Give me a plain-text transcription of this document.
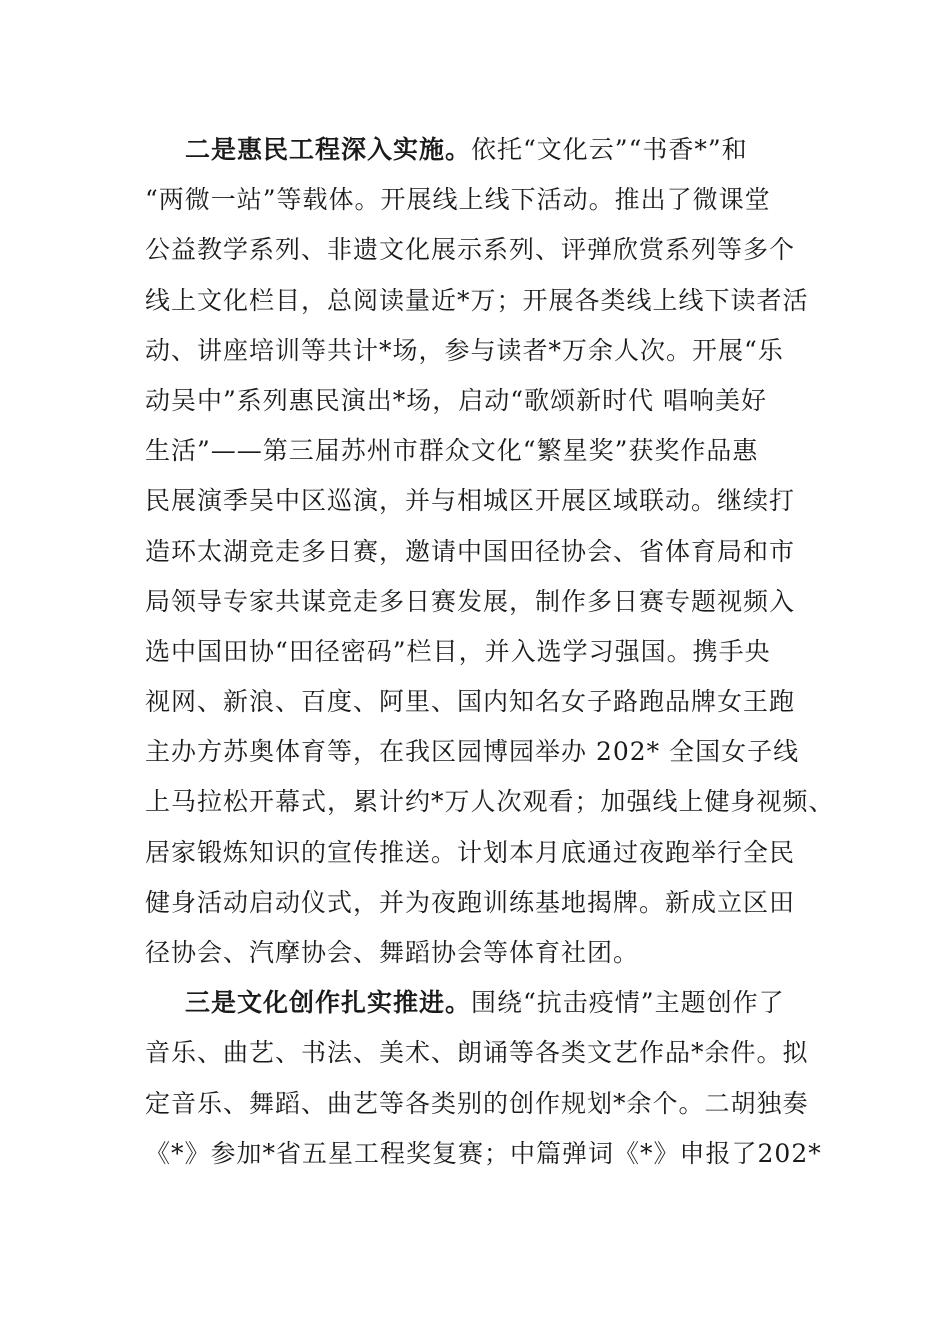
二是惠民工程深入实施。依托“文化云”“书香*”和
“两微一站”等载体。开展线上线下活动。推出了微课堂
公益教学系列、非遗文化展示系列、评弹欣赏系列等多个
线上文化栏目，总阅读量近*万；开展各类线上线下读者活
动、讲座培训等共计*场，参与读者*万余人次。开展“乐
动吴中”系列惠民演出*场，启动“歌颂新时代 唱响美好
生活”——第三届苏州市群众文化“繁星奖”获奖作品惠
民展演季吴中区巡演，并与相城区开展区域联动。继续打
造环太湖竞走多日赛，邀请中国田径协会、省体育局和市
局领导专家共谋竞走多日赛发展，制作多日赛专题视频入
选中国田协“田径密码”栏目，并入选学习强国。携手央
视网、新浪、百度、阿里、国内知名女子路跑品牌女王跑
主办方苏奥体育等，在我区园博园举办 202* 全国女子线
上马拉松开幕式，累计约*万人次观看；加强线上健身视频、
居家锻炼知识的宣传推送。计划本月底通过夜跑举行全民
健身活动启动仪式，并为夜跑训练基地揭牌。新成立区田
径协会、汽摩协会、舞蹈协会等体育社团。
三是文化创作扎实推进。围绕“抗击疫情”主题创作了
音乐、曲艺、书法、美术、朗诵等各类文艺作品*余件。拟
定音乐、舞蹈、曲艺等各类别的创作规划*余个。二胡独奏
《*》参加*省五星工程奖复赛；中篇弹词《*》申报了202*
